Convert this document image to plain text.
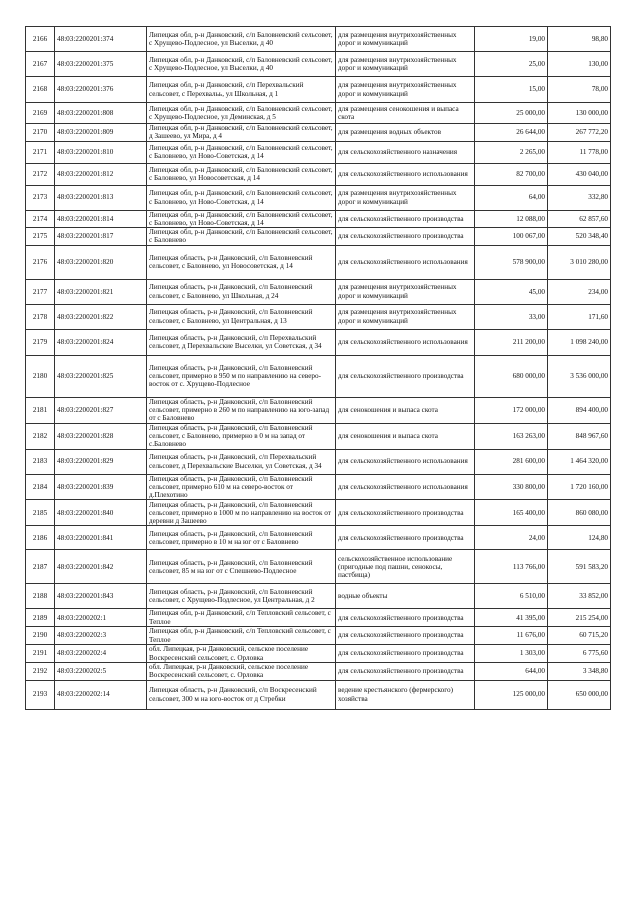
2166	48:03:2200201:374	Липецкая обл, р-н Данковский, с/п Баловневский сельсовет, с Хрущево-Подлесное, ул Выселки, д 40	для размещения внутрихозяйственных дорог и коммуникаций	19,00	98,80
2167	48:03:2200201:375	Липецкая обл, р-н Данковский, с/п Баловневский сельсовет, с Хрущево-Подлесное, ул Выселки, д 40	для размещения внутрихозяйственных дорог и коммуникаций	25,00	130,00
2168	48:03:2200201:376	Липецкая обл, р-н Данковский, с/п Перехвальский сельсовет, с Перехвальь, ул Школьная, д 1	для размещения внутрихозяйственных дорог и коммуникаций	15,00	78,00
2169	48:03:2200201:808	Липецкая обл, р-н Данковский, с/п Баловневский сельсовет, с Хрущево-Подлесное, ул Деминская, д 5	для размещения сенокошения и выпаса скота	25 000,00	130 000,00
2170	48:03:2200201:809	Липецкая обл, р-н Данковский, с/п Баловневский сельсовет, д Зашеево, ул Мира, д 4	для размещения водных объектов	26 644,00	267 772,20
2171	48:03:2200201:810	Липецкая обл, р-н Данковский, с/п Баловневский сельсовет, с Баловнево, ул Ново-Советская, д 14	для сельскохозяйственного назначения	2 265,00	11 778,00
2172	48:03:2200201:812	Липецкая обл, р-н Данковский, с/п Баловневский сельсовет, с Баловнево, ул Новосоветская, д 14	для сельскохозяйственного использования	82 700,00	430 040,00
2173	48:03:2200201:813	Липецкая обл, р-н Данковский, с/п Баловневский сельсовет, с Баловнево, ул Ново-Советская, д 14	для размещения внутрихозяйственных дорог и коммуникаций	64,00	332,80
2174	48:03:2200201:814	Липецкая обл, р-н Данковский, с/п Баловневский сельсовет, с Баловнево, ул Ново-Советская, д 14	для сельскохозяйственного производства	12 088,00	62 857,60
2175	48:03:2200201:817	Липецкая обл, р-н Данковский, с/п Баловневский сельсовет, с Баловнево	для сельскохозяйственного производства	100 067,00	520 348,40
2176	48:03:2200201:820	Липецкая область, р-н Данковский, с/п Баловневский сельсовет, с Баловнево, ул Новосоветская, д 14	для сельскохозяйственного использования	578 900,00	3 010 280,00
2177	48:03:2200201:821	Липецкая область, р-н Данковский, с/п Баловневский сельсовет, с Баловнево, ул Школьная, д 24	для размещения внутрихозяйственных дорог и коммуникаций	45,00	234,00
2178	48:03:2200201:822	Липецкая область, р-н Данковский, с/п Баловневский сельсовет, с Баловнево, ул Центральная, д 13	для размещения внутрихозяйственных дорог и коммуникаций	33,00	171,60
2179	48:03:2200201:824	Липецкая область, р-н Данковский, с/п Перехвальский сельсовет, д Перехвальские Выселки, ул Советская, д 34	для сельскохозяйственного использования	211 200,00	1 098 240,00
2180	48:03:2200201:825	Липецкая область, р-н Данковский, с/п Баловневский сельсовет, примерно в 950 м по направлению на северо-восток от с. Хрущево-Подлесное	для сельскохозяйственного производства	680 000,00	3 536 000,00
2181	48:03:2200201:827	Липецкая область, р-н Данковский, с/п Баловневский сельсовет, примерно в 260 м по направлению на юго-запад от с Баловнево	для сенокошения и выпаса скота	172 000,00	894 400,00
2182	48:03:2200201:828	Липецкая область, р-н Данковский, с/п Баловневский сельсовет, с Баловнево, примерно в 0 м на запад от с.Баловнево	для сенокошения и выпаса скота	163 263,00	848 967,60
2183	48:03:2200201:829	Липецкая область, р-н Данковский, с/п Перехвальский сельсовет, д Перехвальские Выселки, ул Советская, д 34	для сельскохозяйственного использования	281 600,00	1 464 320,00
2184	48:03:2200201:839	Липецкая область, р-н Данковский, с/п Баловневский сельсовет, примерно 610 м на северо-восток от д.Плехотино	для сельскохозяйственного использования	330 800,00	1 720 160,00
2185	48:03:2200201:840	Липецкая область, р-н Данковский, с/п Баловневский сельсовет, примерно в 1000 м по направлению на восток от деревни д Зашеево	для сельскохозяйственного производства	165 400,00	860 080,00
2186	48:03:2200201:841	Липецкая область, р-н Данковский, с/п Баловневский сельсовет, примерно в 10 м на юг от с Баловнево	для сельскохозяйственного производства	24,00	124,80
2187	48:03:2200201:842	Липецкая область, р-н Данковский, с/п Баловневский сельсовет, 85 м на юг от с Спешнево-Подлесное	сельскохозяйственное использование (пригодные под пашни, сенокосы, пастбища)	113 766,00	591 583,20
2188	48:03:2200201:843	Липецкая область, р-н Данковский, с/п Баловневский сельсовет, с Хрущево-Подлесное, ул Центральная, д 2	водные объекты	6 510,00	33 852,00
2189	48:03:2200202:1	Липецкая обл, р-н Данковский, с/п Тепловский сельсовет, с Теплое	для сельскохозяйственного производства	41 395,00	215 254,00
2190	48:03:2200202:3	Липецкая обл, р-н Данковский, с/п Тепловский сельсовет, с Теплое	для сельскохозяйственного производства	11 676,00	60 715,20
2191	48:03:2200202:4	обл. Липецкая, р-н Данковский, сельское поселение Воскресенский сельсовет, с. Орловка	для сельскохозяйственного производства	1 303,00	6 775,60
2192	48:03:2200202:5	обл. Липецкая, р-н Данковский, сельское поселение Воскресенский сельсовет, с. Орловка	для сельскохозяйственного производства	644,00	3 348,80
2193	48:03:2200202:14	Липецкая область, р-н Данковский, с/п Воскресенский сельсовет, 300 м на юго-восток от д Стребки	ведение крестьянского (фермерского) хозяйства	125 000,00	650 000,00
